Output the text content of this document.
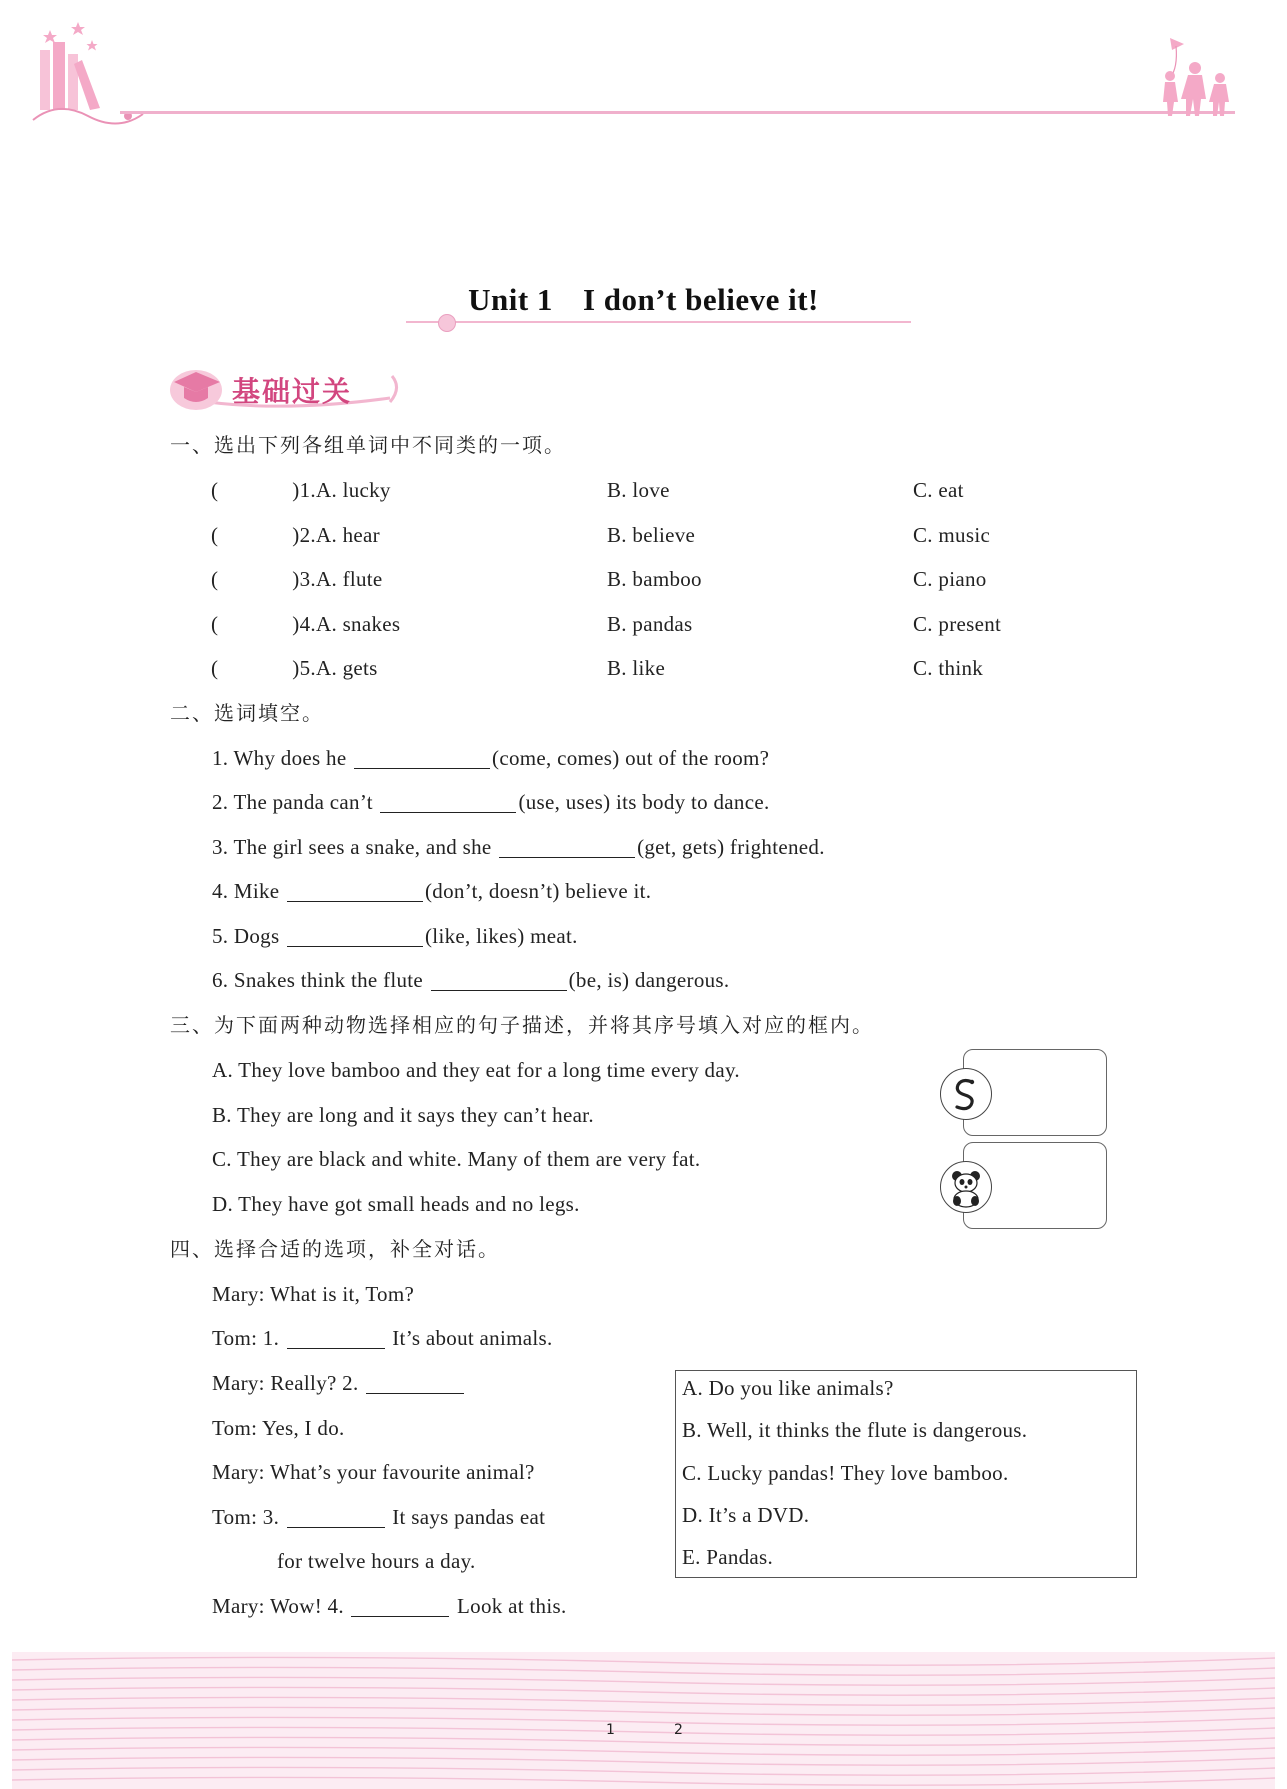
Unit 1 I don’t believe it!
基础过关
一、选出下列各组单词中不同类的一项。
(	)1. A. lucky	B. love	C. eat
(	)2. A. hear	B. believe	C. music
(	)3. A. flute	B. bamboo	C. piano
(	)4. A. snakes	B. pandas	C. present
(	)5. A. gets	B. like	C. think
二、选词填空。
1. Why does he	(come, comes) out of the room?
2. The panda can’t	(use, uses) its body to dance.
3. The girl sees a snake, and she	(get, gets) frightened.
4. Mike	(don’t, doesn’t) believe it.
5. Dogs	(like, likes) meat.
6. Snakes think the flute	(be, is) dangerous.
三、为下面两种动物选择相应的句子描述，并将其序号填入对应的框内。
A. They love bamboo and they eat for a long time every day.
B. They are long and it says they can’t hear.
C. They are black and white. Many of them are very fat.
D. They have got small heads and no legs.
四、选择合适的选项，补全对话。
Mary: What is it, Tom?
Tom: 1.	It’s about animals.
Mary: Really? 2.
Tom: Yes, I do.
Mary: What’s your favourite animal?
Tom: 3.	It says pandas eat
for twelve hours a day.
Mary: Wow! 4.	Look at this.
A. Do you like animals?
B. Well, it thinks the flute is dangerous.
C. Lucky pandas! They love bamboo.
D. It’s a DVD.
E. Pandas.
1	2
